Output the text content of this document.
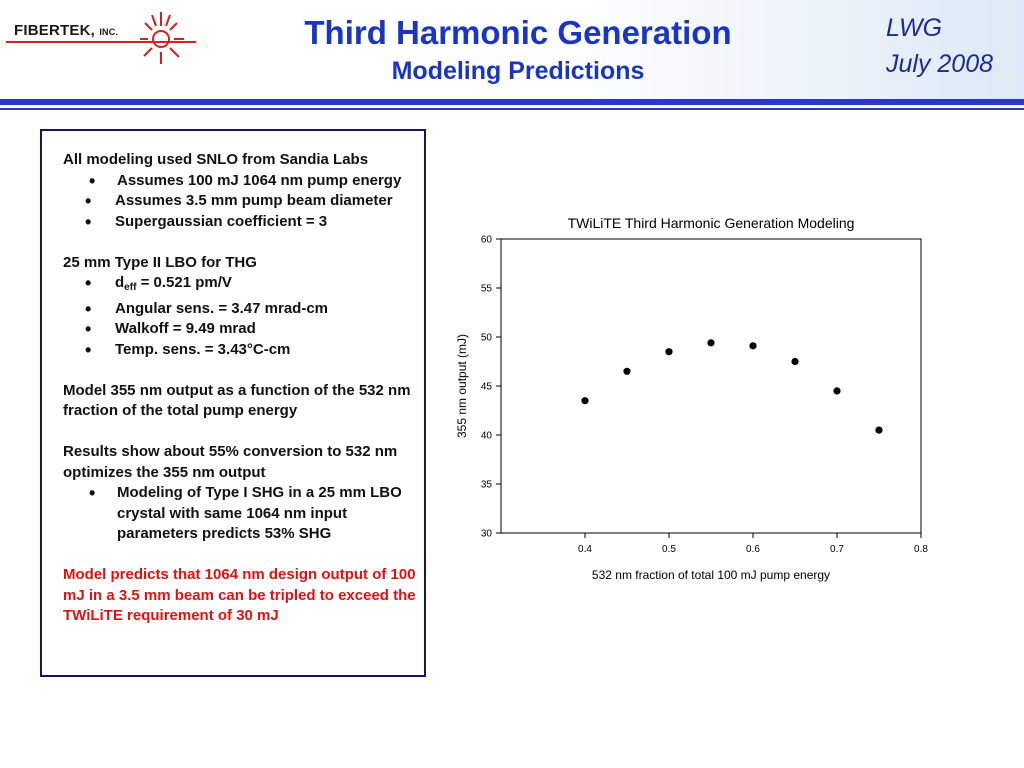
FIBERTEK, INC.	Third Harmonic Generation
Modeling Predictions
LWG
July 2008

All modeling used SNLO from Sandia Labs

•	Assumes 100 mJ 1064 nm pump energy
•	Assumes 3.5 mm pump beam diameter
•	Supergaussian coefficient = 3

25 mm Type II LBO for THG

•	$d_{eff} = 0.521$ pm/V
•	Angular sens. = 3.47 mrad-cm
•	Walkoff = 9.49 mrad
•	Temp. sens. = 3.43°C-cm

Model 355 nm output as a function of the 532 nm fraction of the total pump energy

Results show about 55% conversion to 532 nm optimizes the 355 nm output

•	Modeling of Type I SHG in a 25 mm LBO crystal with same 1064 nm input parameters predicts 53% SHG

Model predicts that 1064 nm design output of 100 mJ in a 3.5 mm beam can be tripled to exceed the TWiLiTE requirement of 30 mJ

TWiLiTE Third Harmonic Generation Modeling
532 nm fraction of total 100 mJ pump energy
355 nm output (mJ)
30
35
40
45
50
55
60
0.4	0.5	0.6	0.7	0.8
